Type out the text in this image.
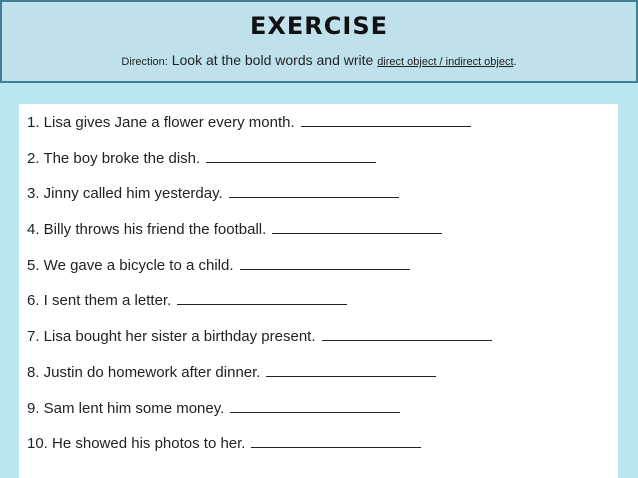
EXERCISE
Direction: Look at the bold words and write direct object / indirect object.
1. Lisa gives Jane a flower every month.
2. The boy broke the dish.
3. Jinny called him yesterday.
4. Billy throws his friend the football.
5. We gave a bicycle to a child.
6. I sent them a letter.
7. Lisa bought her sister a birthday present.
8. Justin do homework after dinner.
9. Sam lent him some money.
10. He showed his photos to her.
